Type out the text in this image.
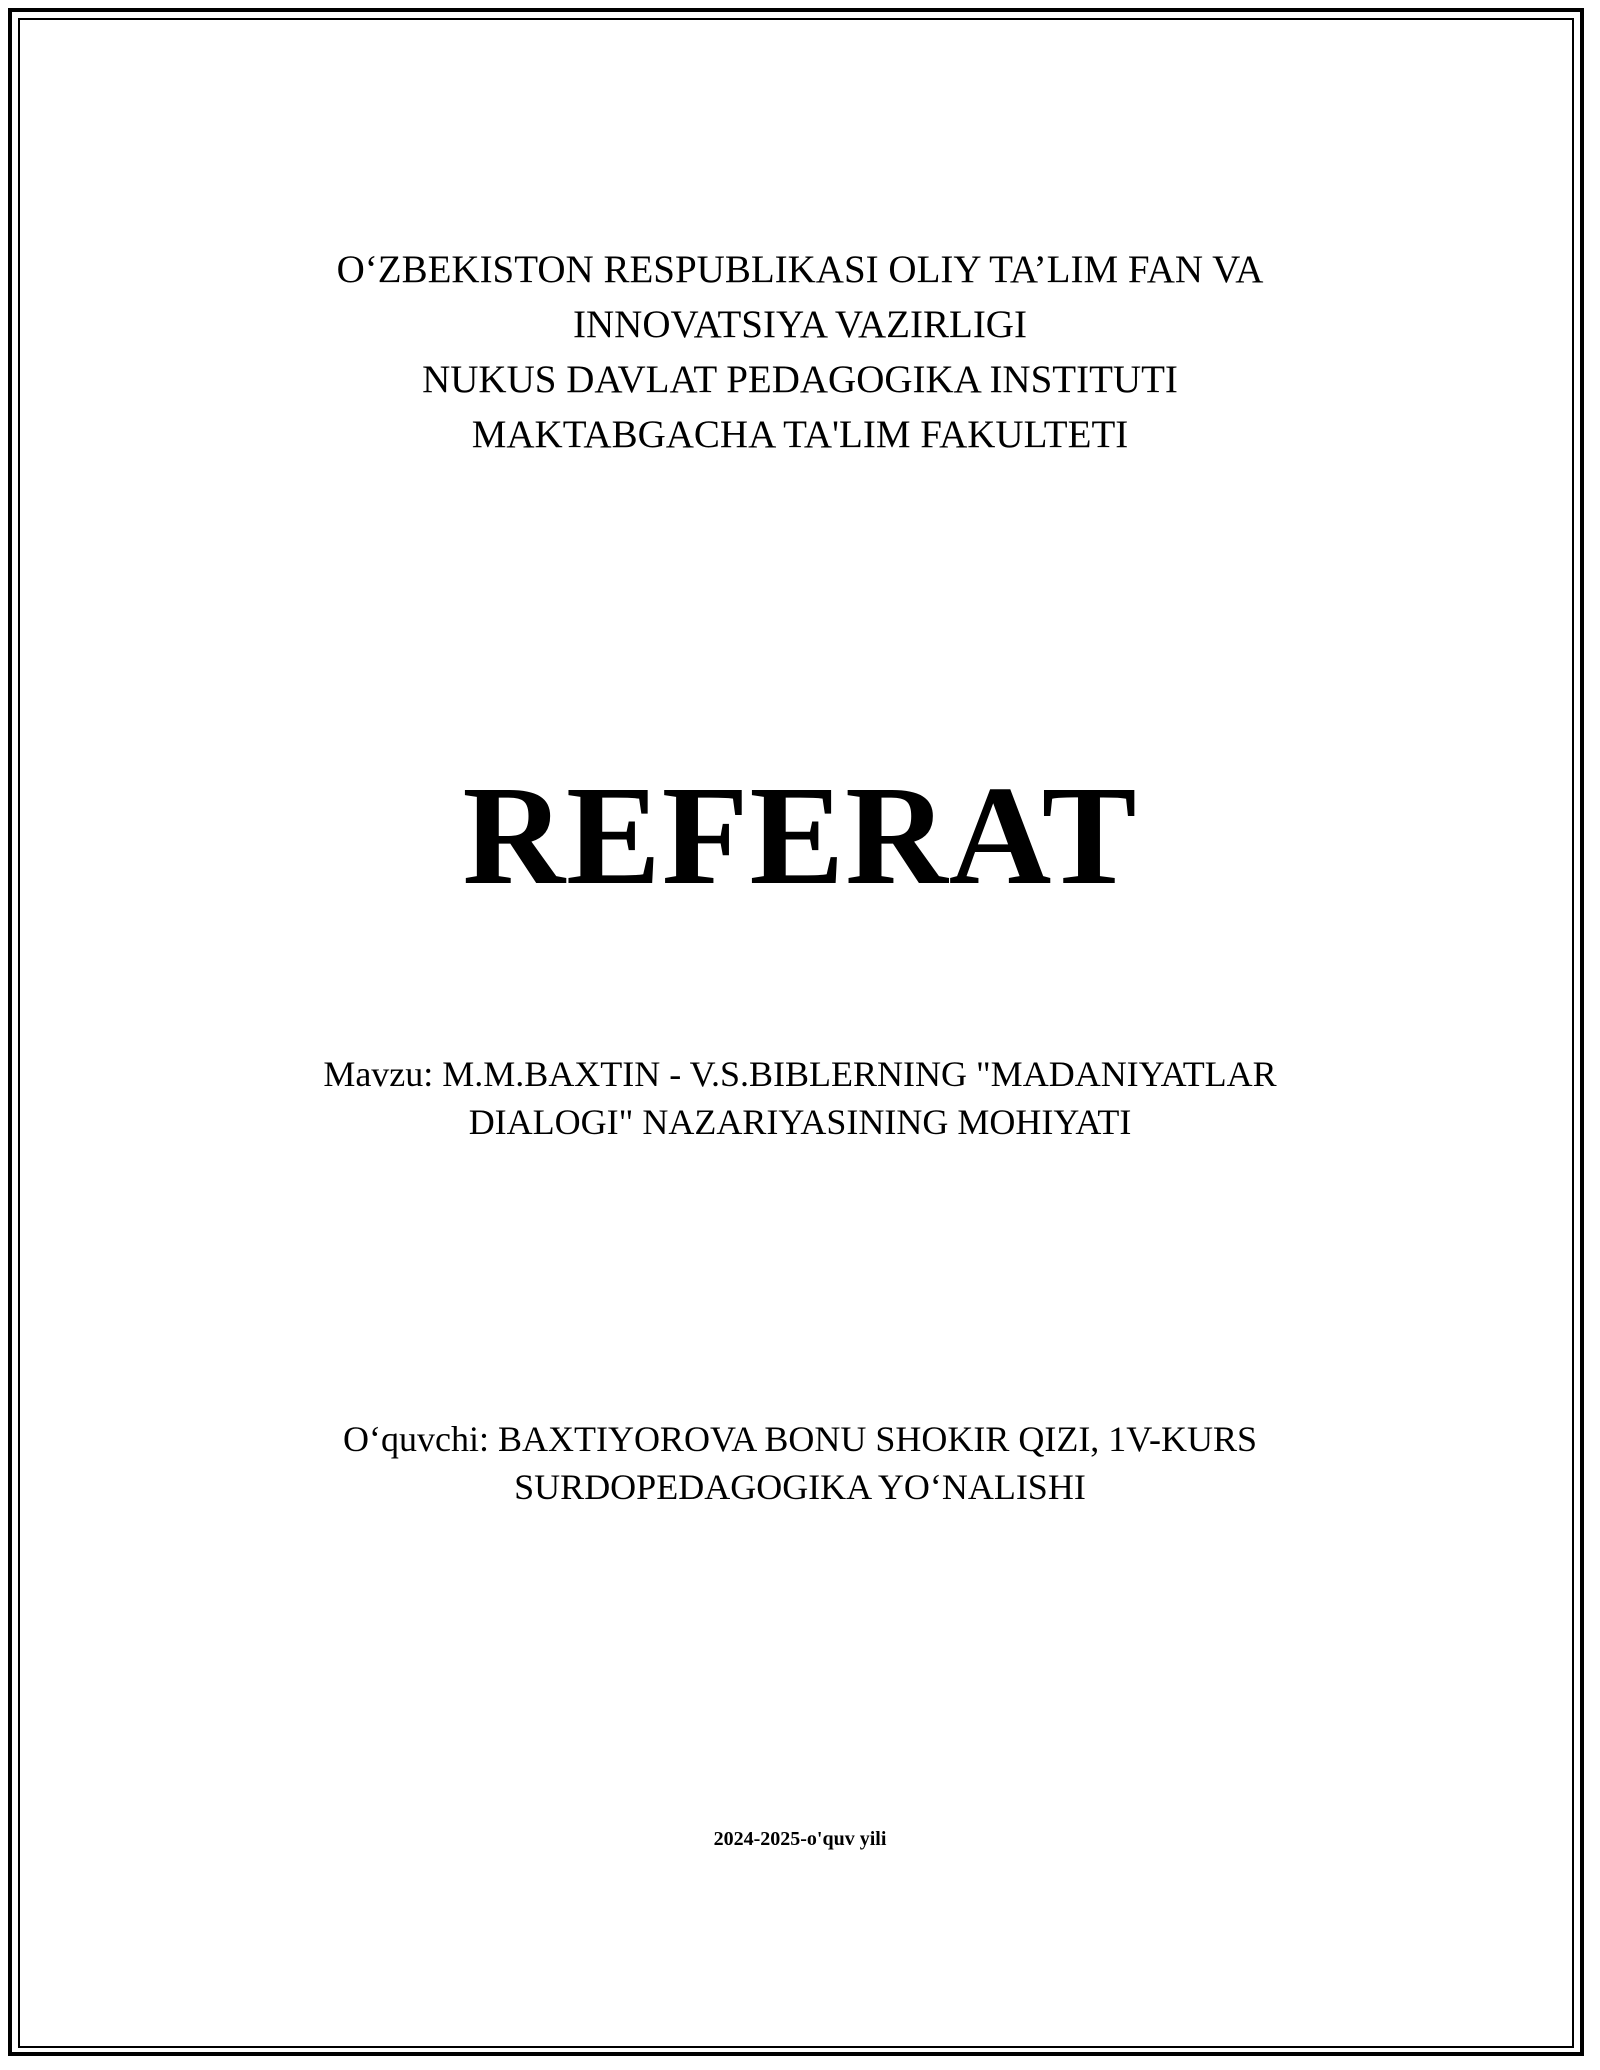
O‘ZBEKISTON RESPUBLIKASI OLIY TA’LIM FAN VA
INNOVATSIYA VAZIRLIGI
NUKUS DAVLAT PEDAGOGIKA INSTITUTI
MAKTABGACHA TA'LIM FAKULTETI
REFERAT
Mavzu: M.M.BAXTIN - V.S.BIBLERNING "MADANIYATLAR
DIALOGI" NAZARIYASINING MOHIYATI
O‘quvchi: BAXTIYOROVA BONU SHOKIR QIZI, 1V-KURS
SURDOPEDAGOGIKA YO‘NALISHI
2024-2025-o'quv yili
